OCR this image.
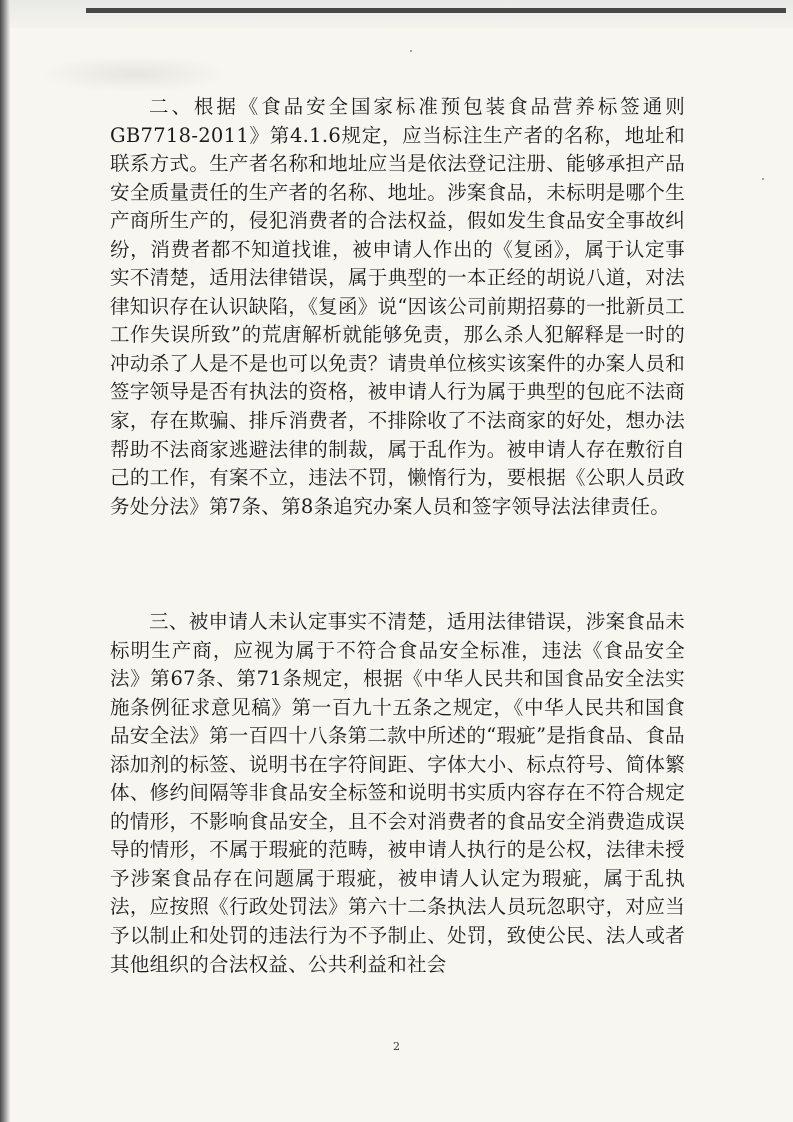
二、根据《食品安全国家标准预包装食品营养标签通则GB7718-2011》第4.1.6规定，应当标注生产者的名称，地址和联系方式。生产者名称和地址应当是依法登记注册、能够承担产品安全质量责任的生产者的名称、地址。涉案食品，未标明是哪个生产商所生产的，侵犯消费者的合法权益，假如发生食品安全事故纠纷，消费者都不知道找谁，被申请人作出的《复函》，属于认定事实不清楚，适用法律错误，属于典型的一本正经的胡说八道，对法律知识存在认识缺陷，《复函》说“因该公司前期招募的一批新员工工作失误所致”的荒唐解析就能够免责，那么杀人犯解释是一时的冲动杀了人是不是也可以免责？请贵单位核实该案件的办案人员和签字领导是否有执法的资格，被申请人行为属于典型的包庇不法商家，存在欺骗、排斥消费者，不排除收了不法商家的好处，想办法帮助不法商家逃避法律的制裁，属于乱作为。被申请人存在敷衍自己的工作，有案不立，违法不罚，懒惰行为，要根据《公职人员政务处分法》第7条、第8条追究办案人员和签字领导法法律责任。

三、被申请人未认定事实不清楚，适用法律错误，涉案食品未标明生产商，应视为属于不符合食品安全标准，违法《食品安全法》第67条、第71条规定，根据《中华人民共和国食品安全法实施条例征求意见稿》第一百九十五条之规定，《中华人民共和国食品安全法》第一百四十八条第二款中所述的“瑕疵”是指食品、食品添加剂的标签、说明书在字符间距、字体大小、标点符号、简体繁体、修约间隔等非食品安全标签和说明书实质内容存在不符合规定的情形，不影响食品安全，且不会对消费者的食品安全消费造成误导的情形，不属于瑕疵的范畴，被申请人执行的是公权，法律未授予涉案食品存在问题属于瑕疵，被申请人认定为瑕疵，属于乱执法，应按照《行政处罚法》第六十二条执法人员玩忽职守，对应当予以制止和处罚的违法行为不予制止、处罚，致使公民、法人或者其他组织的合法权益、公共利益和社会

2
